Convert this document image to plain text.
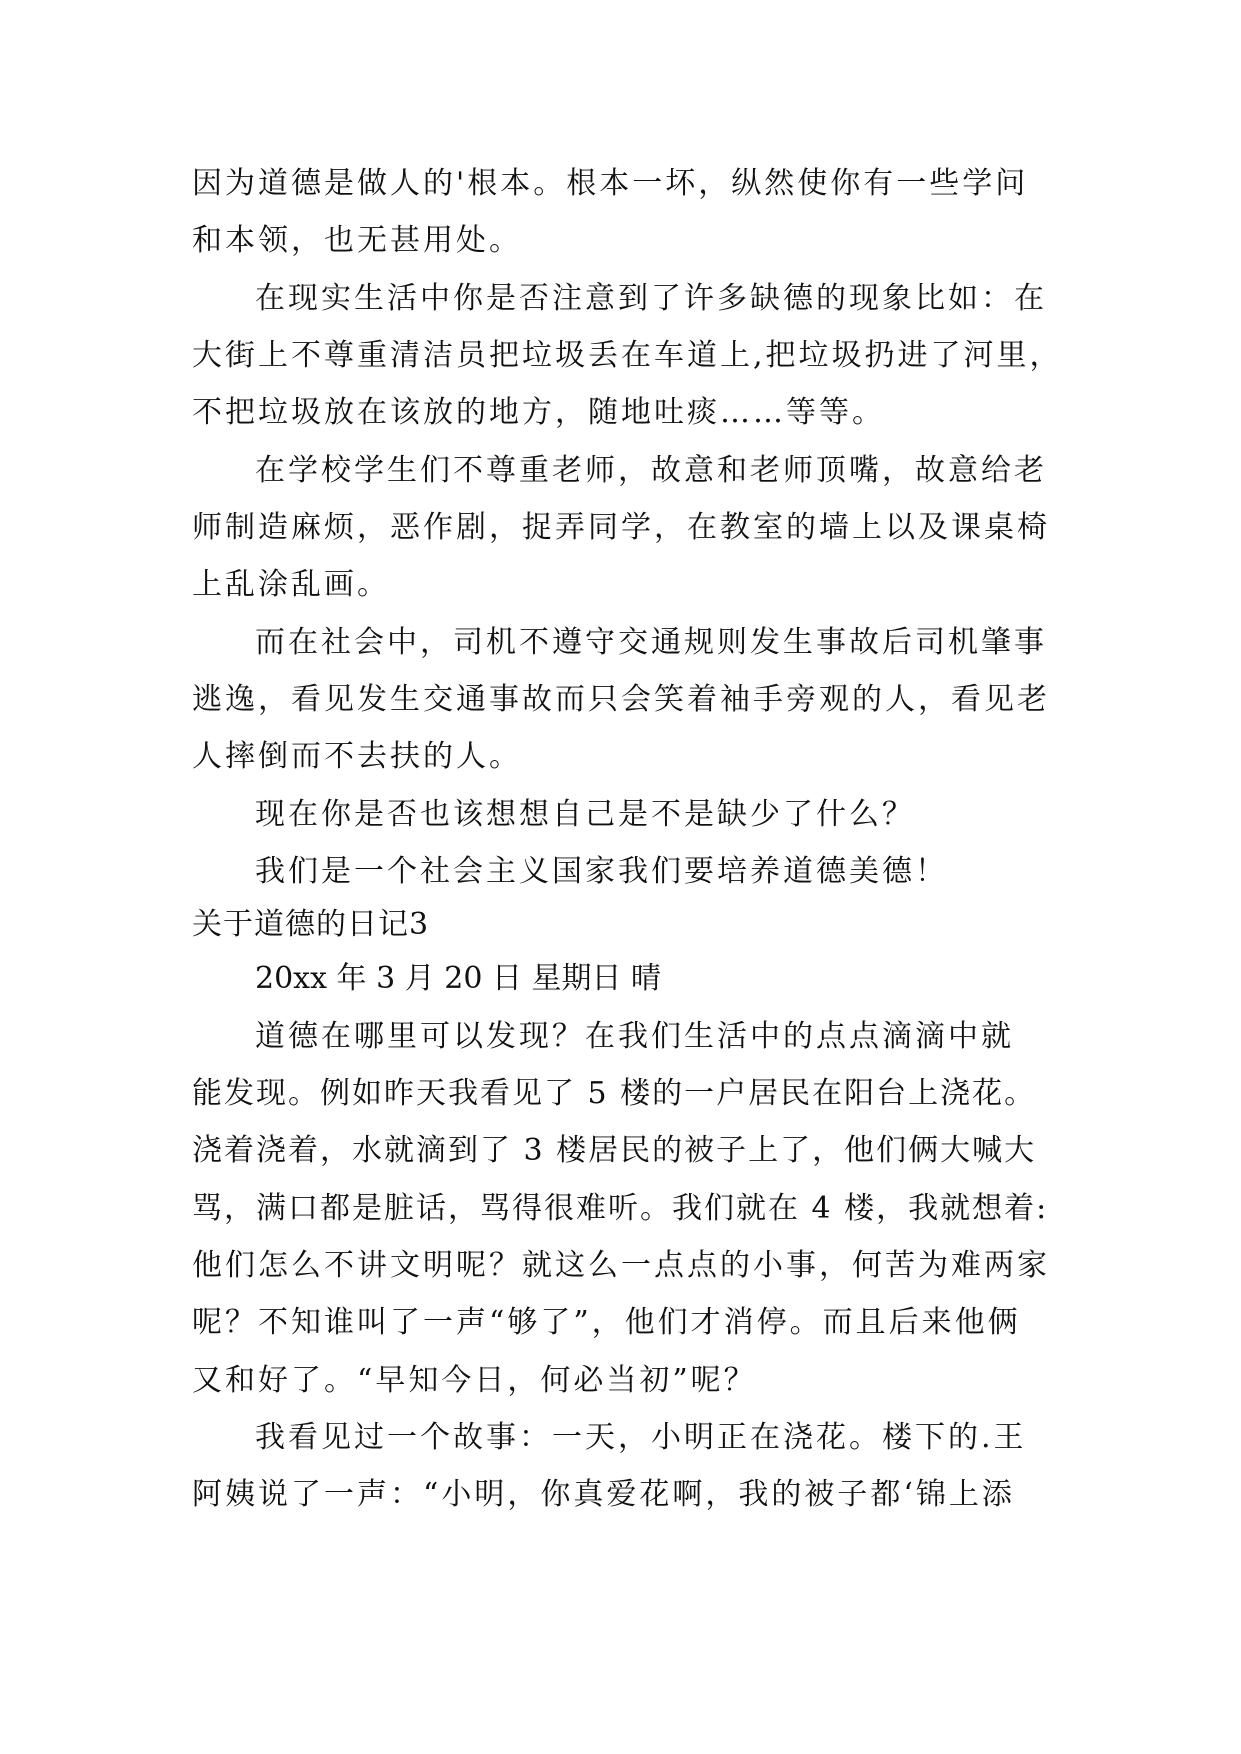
因为道德是做人的'根本。根本一坏，纵然使你有一些学问
和本领，也无甚用处。
在现实生活中你是否注意到了许多缺德的现象比如：在
大街上不尊重清洁员把垃圾丢在车道上,把垃圾扔进了河里，
不把垃圾放在该放的地方，随地吐痰……等等。
在学校学生们不尊重老师，故意和老师顶嘴，故意给老
师制造麻烦，恶作剧，捉弄同学，在教室的墙上以及课桌椅
上乱涂乱画。
而在社会中，司机不遵守交通规则发生事故后司机肇事
逃逸，看见发生交通事故而只会笑着袖手旁观的人，看见老
人摔倒而不去扶的人。
现在你是否也该想想自己是不是缺少了什么？
我们是一个社会主义国家我们要培养道德美德！
关于道德的日记3
20xx 年 3 月 20 日 星期日 晴
道德在哪里可以发现？在我们生活中的点点滴滴中就
能发现。例如昨天我看见了 5 楼的一户居民在阳台上浇花。
浇着浇着，水就滴到了 3 楼居民的被子上了，他们俩大喊大
骂，满口都是脏话，骂得很难听。我们就在 4 楼，我就想着:
他们怎么不讲文明呢？就这么一点点的小事，何苦为难两家
呢？不知谁叫了一声“够了”，他们才消停。而且后来他俩
又和好了。“早知今日，何必当初”呢？
我看见过一个故事：一天，小明正在浇花。楼下的.王
阿姨说了一声：“小明，你真爱花啊，我的被子都‘锦上添
